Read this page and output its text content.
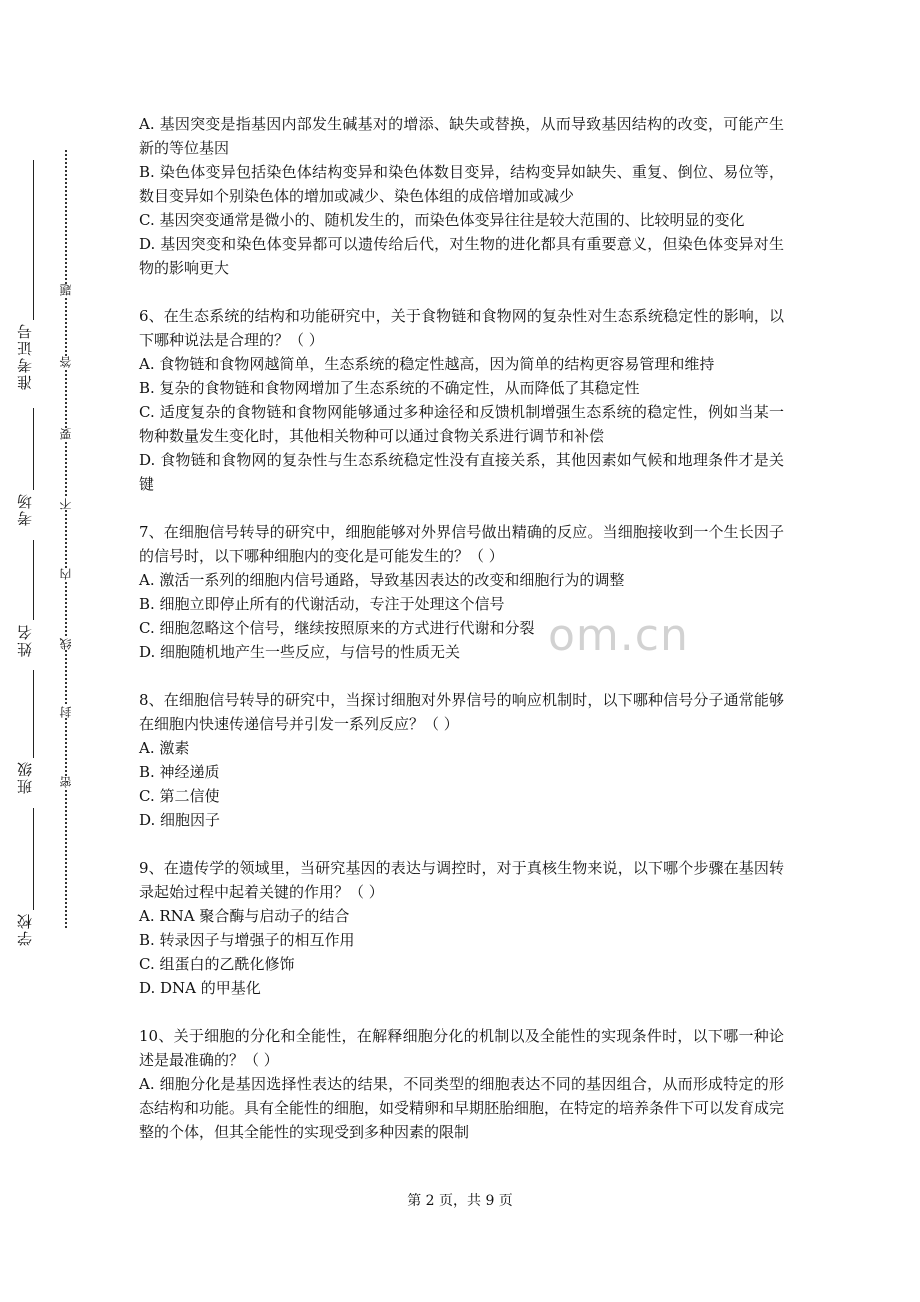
准考证号
考场
姓名
班级
学校
题
答
要
不
内
线
封
密
om.cn

A. 基因突变是指基因内部发生碱基对的增添、缺失或替换，从而导致基因结构的改变，可能产生新的等位基因

B. 染色体变异包括染色体结构变异和染色体数目变异，结构变异如缺失、重复、倒位、易位等，数目变异如个别染色体的增加或减少、染色体组的成倍增加或减少

C. 基因突变通常是微小的、随机发生的，而染色体变异往往是较大范围的、比较明显的变化

D. 基因突变和染色体变异都可以遗传给后代，对生物的进化都具有重要意义，但染色体变异对生物的影响更大

6、在生态系统的结构和功能研究中，关于食物链和食物网的复杂性对生态系统稳定性的影响，以下哪种说法是合理的？（ ）

A. 食物链和食物网越简单，生态系统的稳定性越高，因为简单的结构更容易管理和维持

B. 复杂的食物链和食物网增加了生态系统的不确定性，从而降低了其稳定性

C. 适度复杂的食物链和食物网能够通过多种途径和反馈机制增强生态系统的稳定性，例如当某一物种数量发生变化时，其他相关物种可以通过食物关系进行调节和补偿

D. 食物链和食物网的复杂性与生态系统稳定性没有直接关系，其他因素如气候和地理条件才是关键

7、在细胞信号转导的研究中，细胞能够对外界信号做出精确的反应。当细胞接收到一个生长因子的信号时，以下哪种细胞内的变化是可能发生的？（ ）

A. 激活一系列的细胞内信号通路，导致基因表达的改变和细胞行为的调整

B. 细胞立即停止所有的代谢活动，专注于处理这个信号

C. 细胞忽略这个信号，继续按照原来的方式进行代谢和分裂

D. 细胞随机地产生一些反应，与信号的性质无关

8、在细胞信号转导的研究中，当探讨细胞对外界信号的响应机制时，以下哪种信号分子通常能够在细胞内快速传递信号并引发一系列反应？（ ）

A. 激素

B. 神经递质

C. 第二信使

D. 细胞因子

9、在遗传学的领域里，当研究基因的表达与调控时，对于真核生物来说，以下哪个步骤在基因转录起始过程中起着关键的作用？（ ）

A. RNA 聚合酶与启动子的结合

B. 转录因子与增强子的相互作用

C. 组蛋白的乙酰化修饰

D. DNA 的甲基化

10、关于细胞的分化和全能性，在解释细胞分化的机制以及全能性的实现条件时，以下哪一种论述是最准确的？（ ）

A. 细胞分化是基因选择性表达的结果，不同类型的细胞表达不同的基因组合，从而形成特定的形态结构和功能。具有全能性的细胞，如受精卵和早期胚胎细胞，在特定的培养条件下可以发育成完整的个体，但其全能性的实现受到多种因素的限制

第 2 页，共 9 页
